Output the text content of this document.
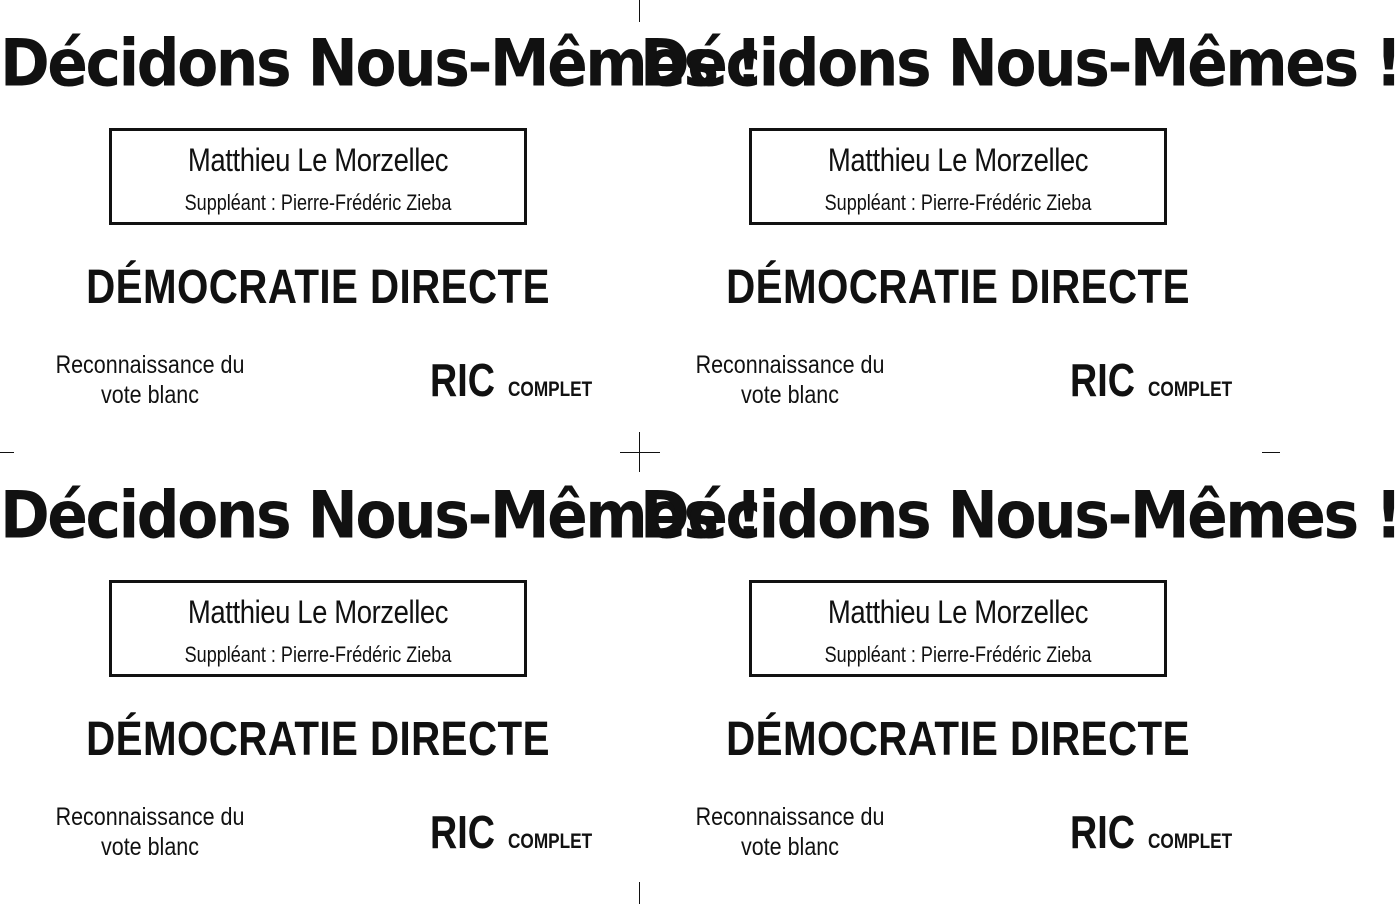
Décidons Nous-Mêmes !
Matthieu Le Morzellec
Suppléant : Pierre-Frédéric Zieba
DÉMOCRATIE DIRECTE
Reconnaissance du
vote blanc	RIC COMPLET
Décidons Nous-Mêmes !
Matthieu Le Morzellec
Suppléant : Pierre-Frédéric Zieba
DÉMOCRATIE DIRECTE
Reconnaissance du
vote blanc	RIC COMPLET
Décidons Nous-Mêmes !
Matthieu Le Morzellec
Suppléant : Pierre-Frédéric Zieba
DÉMOCRATIE DIRECTE
Reconnaissance du
vote blanc	RIC COMPLET
Décidons Nous-Mêmes !
Matthieu Le Morzellec
Suppléant : Pierre-Frédéric Zieba
DÉMOCRATIE DIRECTE
Reconnaissance du
vote blanc	RIC COMPLET
